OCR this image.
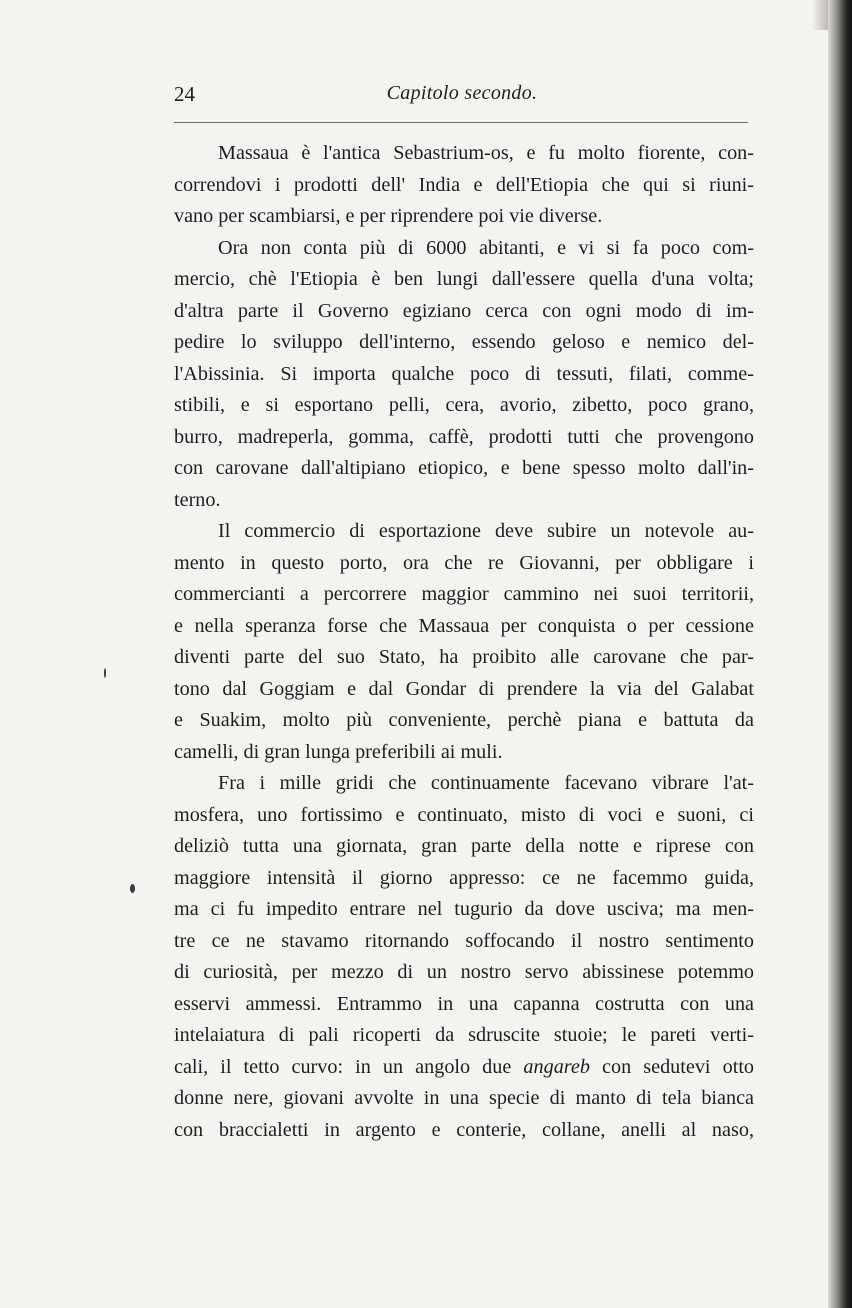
24	Capitolo secondo.
Massaua è l'antica Sebastrium-os, e fu molto fiorente, con-
correndovi i prodotti dell' India e dell'Etiopia che qui si riuni-
vano per scambiarsi, e per riprendere poi vie diverse.
Ora non conta più di 6000 abitanti, e vi si fa poco com-
mercio, chè l'Etiopia è ben lungi dall'essere quella d'una volta;
d'altra parte il Governo egiziano cerca con ogni modo di im-
pedire lo sviluppo dell'interno, essendo geloso e nemico del-
l'Abissinia. Si importa qualche poco di tessuti, filati, comme-
stibili, e si esportano pelli, cera, avorio, zibetto, poco grano,
burro, madreperla, gomma, caffè, prodotti tutti che provengono
con carovane dall'altipiano etiopico, e bene spesso molto dall'in-
terno.
Il commercio di esportazione deve subire un notevole au-
mento in questo porto, ora che re Giovanni, per obbligare i
commercianti a percorrere maggior cammino nei suoi territorii,
e nella speranza forse che Massaua per conquista o per cessione
diventi parte del suo Stato, ha proibito alle carovane che par-
tono dal Goggiam e dal Gondar di prendere la via del Galabat
e Suakim, molto più conveniente, perchè piana e battuta da
camelli, di gran lunga preferibili ai muli.
Fra i mille gridi che continuamente facevano vibrare l'at-
mosfera, uno fortissimo e continuato, misto di voci e suoni, ci
deliziò tutta una giornata, gran parte della notte e riprese con
maggiore intensità il giorno appresso: ce ne facemmo guida,
ma ci fu impedito entrare nel tugurio da dove usciva; ma men-
tre ce ne stavamo ritornando soffocando il nostro sentimento
di curiosità, per mezzo di un nostro servo abissinese potemmo
esservi ammessi. Entrammo in una capanna costrutta con una
intelaiatura di pali ricoperti da sdruscite stuoie; le pareti verti-
cali, il tetto curvo: in un angolo due angareb con sedutevi otto
donne nere, giovani avvolte in una specie di manto di tela bianca
con braccialetti in argento e conterie, collane, anelli al naso,
